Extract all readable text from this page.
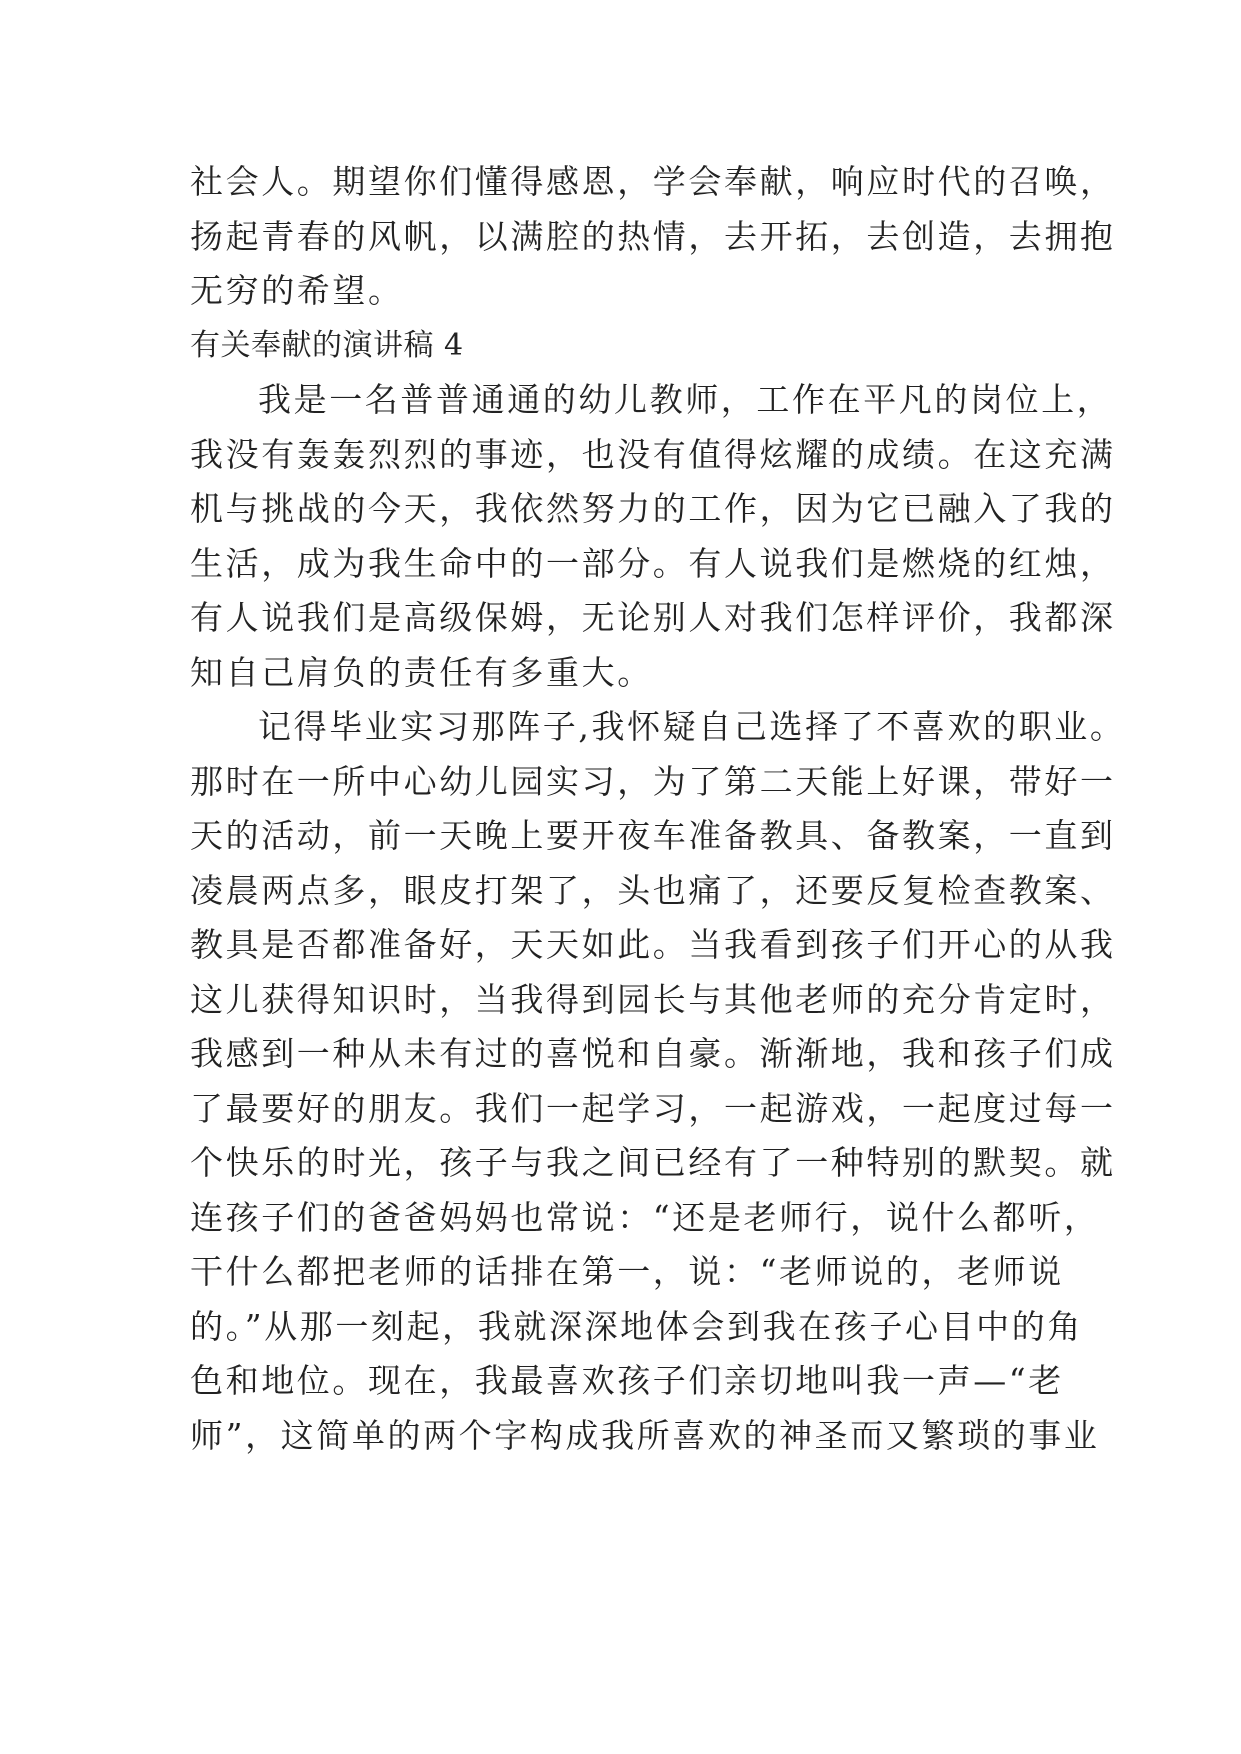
社会人。期望你们懂得感恩，学会奉献，响应时代的召唤，

扬起青春的风帆，以满腔的热情，去开拓，去创造，去拥抱

无穷的希望。

有关奉献的演讲稿 4

我是一名普普通通的幼儿教师，工作在平凡的岗位上，

我没有轰轰烈烈的事迹，也没有值得炫耀的成绩。在这充满

机与挑战的今天，我依然努力的工作，因为它已融入了我的

生活，成为我生命中的一部分。有人说我们是燃烧的红烛，

有人说我们是高级保姆，无论别人对我们怎样评价，我都深

知自己肩负的责任有多重大。

记得毕业实习那阵子,我怀疑自己选择了不喜欢的职业。

那时在一所中心幼儿园实习，为了第二天能上好课，带好一

天的活动，前一天晚上要开夜车准备教具、备教案，一直到

凌晨两点多，眼皮打架了，头也痛了，还要反复检查教案、

教具是否都准备好，天天如此。当我看到孩子们开心的从我

这儿获得知识时，当我得到园长与其他老师的充分肯定时，

我感到一种从未有过的喜悦和自豪。渐渐地，我和孩子们成

了最要好的朋友。我们一起学习，一起游戏，一起度过每一

个快乐的时光，孩子与我之间已经有了一种特别的默契。就

连孩子们的爸爸妈妈也常说：“还是老师行，说什么都听，

干什么都把老师的话排在第一，说：“老师说的，老师说

的。”从那一刻起，我就深深地体会到我在孩子心目中的角

色和地位。现在，我最喜欢孩子们亲切地叫我一声—“老

师”，这简单的两个字构成我所喜欢的神圣而又繁琐的事业
